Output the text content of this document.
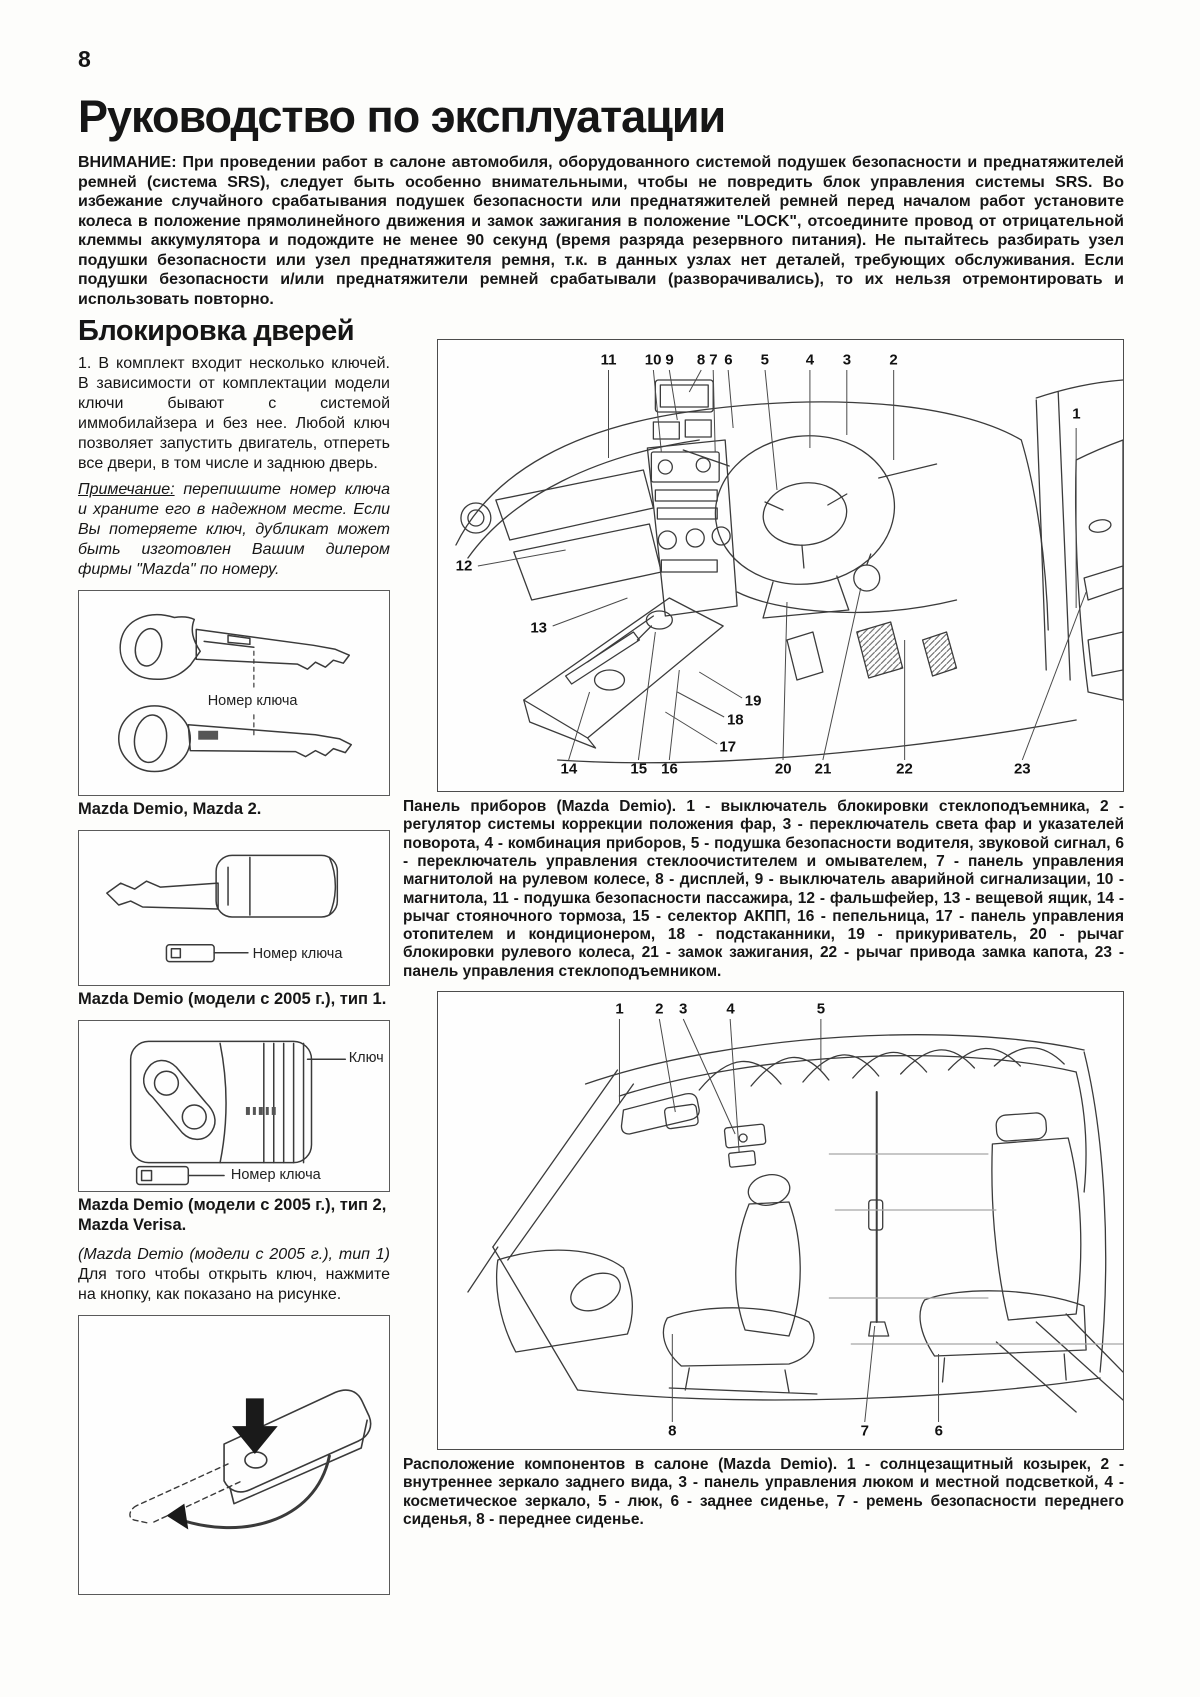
8
Руководство по эксплуатации

ВНИМАНИЕ: При проведении работ в салоне автомобиля, оборудованного системой подушек безопасности и преднатяжителей ремней (система SRS), следует быть особенно внимательными, чтобы не повредить блок управления системы SRS. Во избежание случайного срабатывания подушек безопасности или преднатяжителей ремней перед началом работ установите колеса в положение прямолинейного движения и замок зажигания в положение "LOCK", отсоедините провод от отрицательной клеммы аккумулятора и подождите не менее 90 секунд (время разряда резервного питания). Не пытайтесь разбирать узел подушки безопасности или узел преднатяжителя ремня, т.к. в данных узлах нет деталей, требующих обслуживания. Если подушки безопасности и/или преднатяжители ремней срабатывали (разворачивались), то их нельзя отремонтировать и использовать повторно.

Блокировка дверей

1. В комплект входит несколько ключей. В зависимости от комплектации модели ключи бывают с системой иммобилайзера и без нее. Любой ключ позволяет запустить двигатель, отпереть все двери, в том числе и заднюю дверь.

Примечание: перепишите номер ключа и храните его в надежном месте. Если Вы потеряете ключ, дубликат может быть изготовлен Вашим дилером фирмы "Mazda" по номеру.

Номер ключа

Mazda Demio, Mazda 2.

Номер ключа

Mazda Demio (модели с 2005 г.), тип 1.

Ключ
Номер ключа

Mazda Demio (модели с 2005 г.), тип 2, Mazda Verisa.

(Mazda Demio (модели с 2005 г.), тип 1) Для того чтобы открыть ключ, нажмите на кнопку, как показано на рисунке.

11 10 9 8 7 6 5 4 3	2
1
12
13
19
18
17
14	15 16	20 21	22	23

Панель приборов (Mazda Demio). 1 - выключатель блокировки стеклоподъемника, 2 - регулятор системы коррекции положения фар, 3 - переключатель света фар и указателей поворота, 4 - комбинация приборов, 5 - подушка безопасности водителя, звуковой сигнал, 6 - переключатель управления стеклоочистителем и омывателем, 7 - панель управления магнитолой на рулевом колесе, 8 - дисплей, 9 - выключатель аварийной сигнализации, 10 - магнитола, 11 - подушка безопасности пассажира, 12 - фальшфейер, 13 - вещевой ящик, 14 - рычаг стояночного тормоза, 15 - селектор АКПП, 16 - пепельница, 17 - панель управления отопителем и кондиционером, 18 - подстаканники, 19 - прикуриватель, 20 - рычаг блокировки рулевого колеса, 21 - замок зажигания, 22 - рычаг привода замка капота, 23 - панель управления стеклоподъемником.

1 2 3	4	5
8	7	6

Расположение компонентов в салоне (Mazda Demio). 1 - солнцезащитный козырек, 2 - внутреннее зеркало заднего вида, 3 - панель управления люком и местной подсветкой, 4 - косметическое зеркало, 5 - люк, 6 - заднее сиденье, 7 - ремень безопасности переднего сиденья, 8 - переднее сиденье.
